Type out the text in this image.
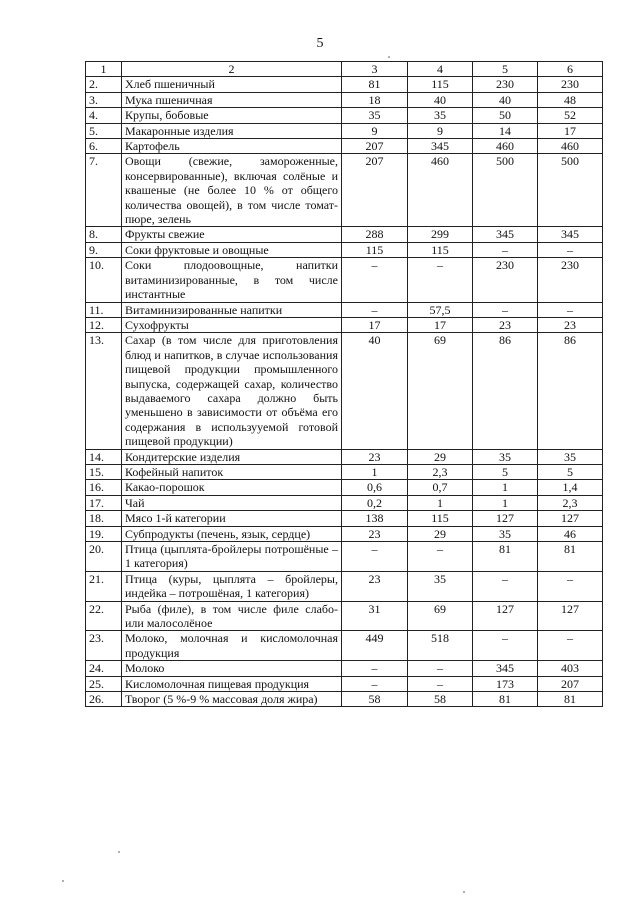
5
1	2	3	4	5	6
2.	Хлеб пшеничный	81	115	230	230
3.	Мука пшеничная	18	40	40	48
4.	Крупы, бобовые	35	35	50	52
5.	Макаронные изделия	9	9	14	17
6.	Картофель	207	345	460	460
7.	Овощи (свежие, замороженные, консервированные), включая солёные и квашеные (не более 10 % от общего количества овощей), в том числе томат-пюре, зелень	207	460	500	500
8.	Фрукты свежие	288	299	345	345
9.	Соки фруктовые и овощные	115	115	–	–
10.	Соки плодоовощные, напитки витаминизированные, в том числе инстантные	–	–	230	230
11.	Витаминизированные напитки	–	57,5	–	–
12.	Сухофрукты	17	17	23	23
13.	Сахар (в том числе для приготовления блюд и напитков, в случае использования пищевой продукции промышленного выпуска, содержащей сахар, количество выдаваемого сахара должно быть уменьшено в зависимости от объёма его содержания в использууемой готовой пищевой продукции)	40	69	86	86
14.	Кондитерские изделия	23	29	35	35
15.	Кофейный напиток	1	2,3	5	5
16.	Какао-порошок	0,6	0,7	1	1,4
17.	Чай	0,2	1	1	2,3
18.	Мясо 1-й категории	138	115	127	127
19.	Субпродукты (печень, язык, сердце)	23	29	35	46
20.	Птица (цыплята-бройлеры потрошёные – 1 категория)	–	–	81	81
21.	Птица (куры, цыплята – бройлеры, индейка – потрошёная, 1 категория)	23	35	–	–
22.	Рыба (филе), в том числе филе слабо- или малосолёное	31	69	127	127
23.	Молоко, молочная и кисломолочная продукция	449	518	–	–
24.	Молоко	–	–	345	403
25.	Кисломолочная пищевая продукция	–	–	173	207
26.	Творог (5 %-9 % массовая доля жира)	58	58	81	81
